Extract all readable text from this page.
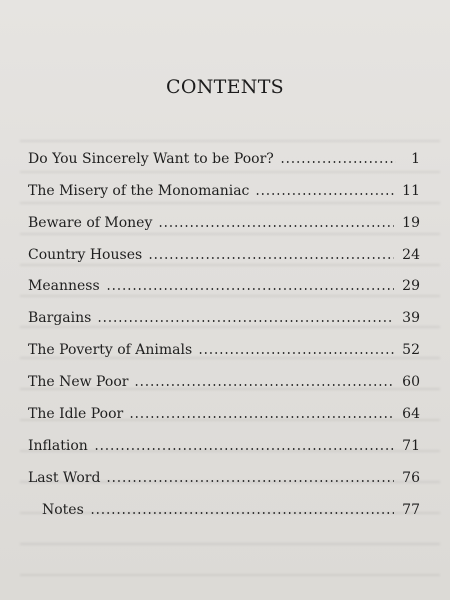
CONTENTS
Do You Sincerely Want to be Poor?	1
The Misery of the Monomaniac	11
Beware of Money	19
Country Houses	24
Meanness	29
Bargains	39
The Poverty of Animals	52
The New Poor	60
The Idle Poor	64
Inflation	71
Last Word	76
Notes	77
